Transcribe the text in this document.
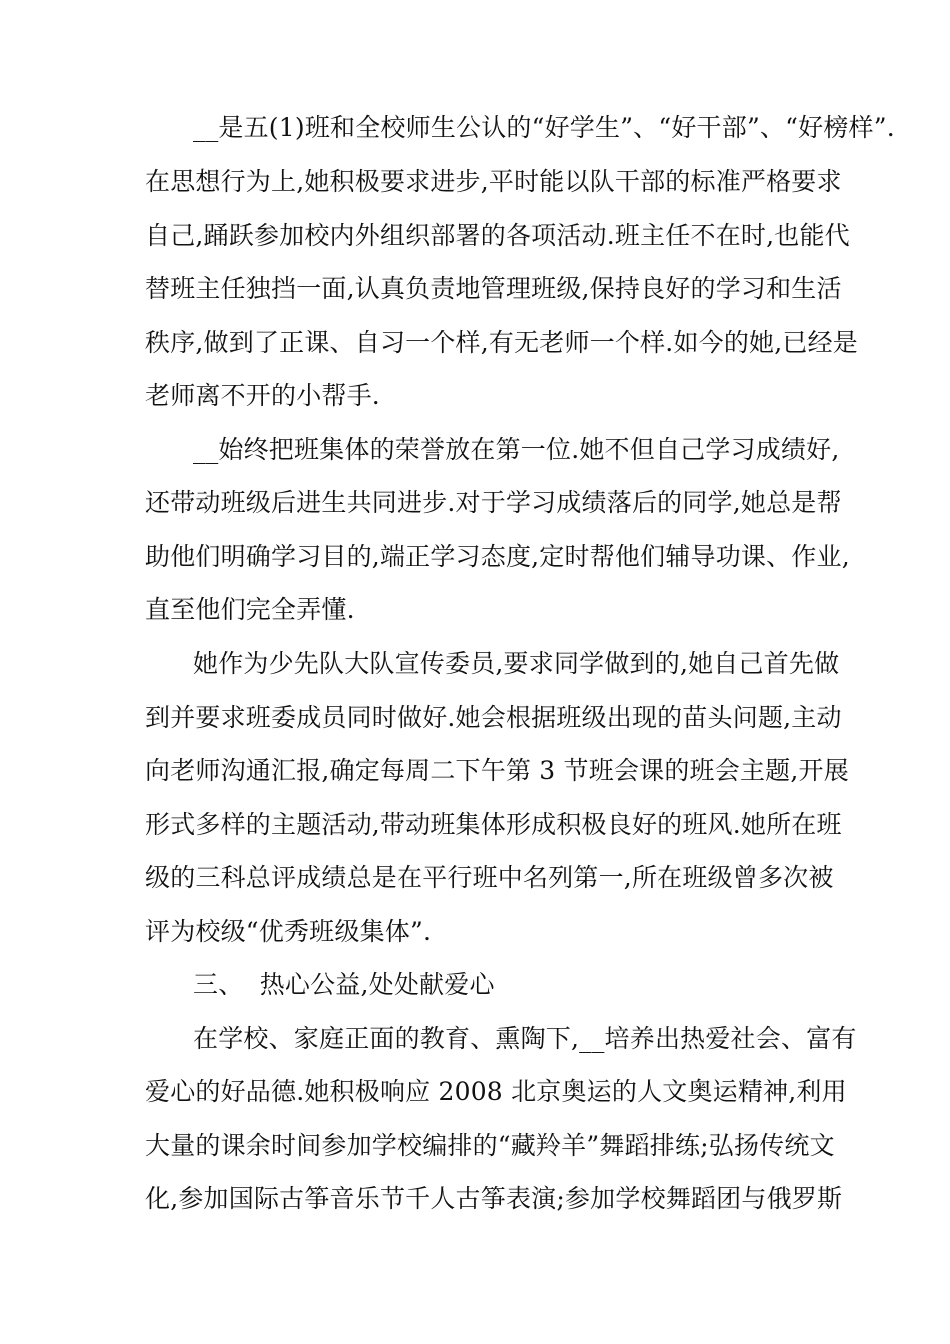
__是五(1)班和全校师生公认的“好学生”、“好干部”、“好榜样”.
在思想行为上,她积极要求进步,平时能以队干部的标准严格要求
自己,踊跃参加校内外组织部署的各项活动.班主任不在时,也能代
替班主任独挡一面,认真负责地管理班级,保持良好的学习和生活
秩序,做到了正课、自习一个样,有无老师一个样.如今的她,已经是
老师离不开的小帮手.
__始终把班集体的荣誉放在第一位.她不但自己学习成绩好,
还带动班级后进生共同进步.对于学习成绩落后的同学,她总是帮
助他们明确学习目的,端正学习态度,定时帮他们辅导功课、作业,
直至他们完全弄懂.
她作为少先队大队宣传委员,要求同学做到的,她自己首先做
到并要求班委成员同时做好.她会根据班级出现的苗头问题,主动
向老师沟通汇报,确定每周二下午第 3 节班会课的班会主题,开展
形式多样的主题活动,带动班集体形成积极良好的班风.她所在班
级的三科总评成绩总是在平行班中名列第一,所在班级曾多次被
评为校级“优秀班级集体”.
三、  热心公益,处处献爱心
在学校、家庭正面的教育、熏陶下,__培养出热爱社会、富有
爱心的好品德.她积极响应 2008 北京奥运的人文奥运精神,利用
大量的课余时间参加学校编排的“藏羚羊”舞蹈排练;弘扬传统文
化,参加国际古筝音乐节千人古筝表演;参加学校舞蹈团与俄罗斯
